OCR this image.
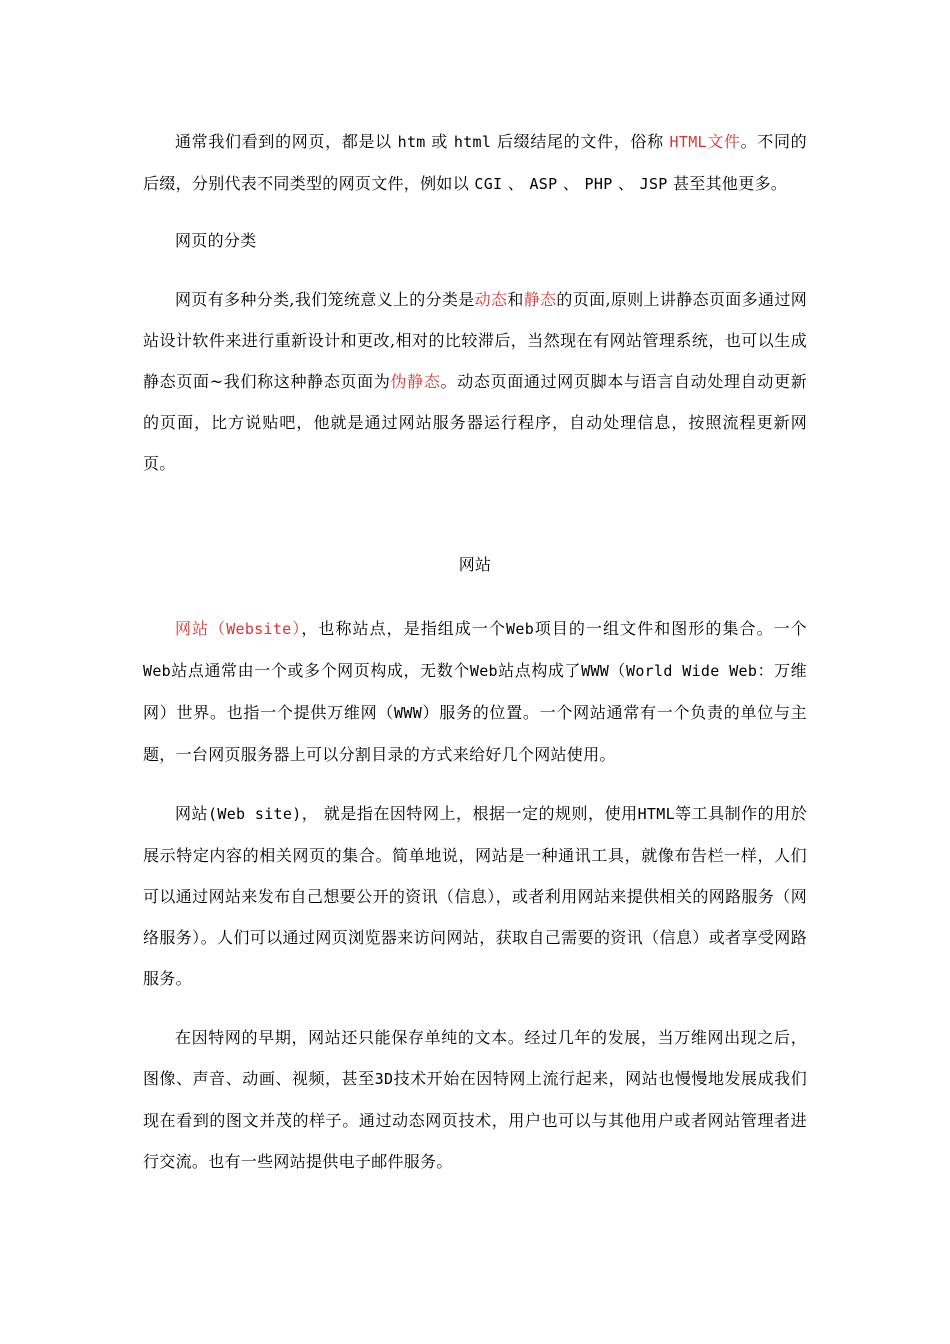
通常我们看到的网页，都是以 htm 或 html 后缀结尾的文件，俗称 HTML文件。不同的后缀，分别代表不同类型的网页文件，例如以 CGI 、 ASP 、 PHP 、 JSP 甚至其他更多。

网页的分类

网页有多种分类,我们笼统意义上的分类是动态和静态的页面,原则上讲静态页面多通过网站设计软件来进行重新设计和更改,相对的比较滞后，当然现在有网站管理系统，也可以生成静态页面~我们称这种静态页面为伪静态。动态页面通过网页脚本与语言自动处理自动更新的页面，比方说贴吧，他就是通过网站服务器运行程序，自动处理信息，按照流程更新网页。

网站

网站（Website），也称站点，是指组成一个Web项目的一组文件和图形的集合。一个Web站点通常由一个或多个网页构成，无数个Web站点构成了WWW（World Wide Web：万维网）世界。也指一个提供万维网（WWW）服务的位置。一个网站通常有一个负责的单位与主题，一台网页服务器上可以分割目录的方式来给好几个网站使用。

网站(Web site)， 就是指在因特网上，根据一定的规则，使用HTML等工具制作的用於展示特定内容的相关网页的集合。简单地说，网站是一种通讯工具，就像布告栏一样，人们可以通过网站来发布自己想要公开的资讯（信息），或者利用网站来提供相关的网路服务（网络服务）。人们可以通过网页浏览器来访问网站，获取自己需要的资讯（信息）或者享受网路服务。

在因特网的早期，网站还只能保存单纯的文本。经过几年的发展，当万维网出现之后，图像、声音、动画、视频，甚至3D技术开始在因特网上流行起来，网站也慢慢地发展成我们现在看到的图文并茂的样子。通过动态网页技术，用户也可以与其他用户或者网站管理者进行交流。也有一些网站提供电子邮件服务。
